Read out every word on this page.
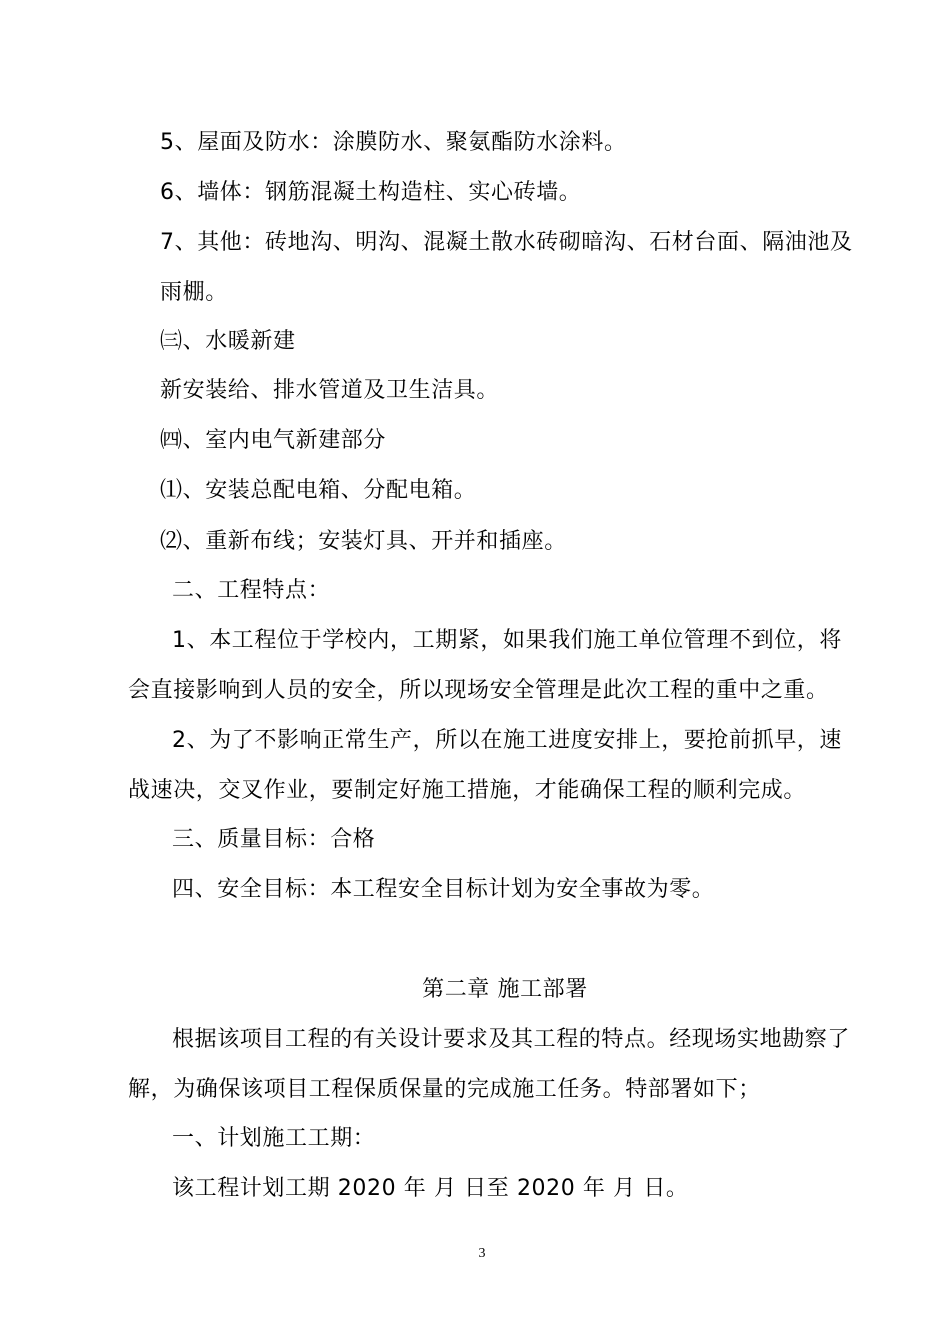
5、屋面及防水：涂膜防水、聚氨酯防水涂料。
6、墙体：钢筋混凝土构造柱、实心砖墙。
7、其他：砖地沟、明沟、混凝土散水砖砌暗沟、石材台面、隔油池及
雨棚。
㈢、水暖新建
新安装给、排水管道及卫生洁具。
㈣、室内电气新建部分
⑴、安装总配电箱、分配电箱。
⑵、重新布线；安装灯具、开并和插座。
二、工程特点：
1、本工程位于学校内，工期紧，如果我们施工单位管理不到位，将
会直接影响到人员的安全，所以现场安全管理是此次工程的重中之重。
2、为了不影响正常生产，所以在施工进度安排上，要抢前抓早，速
战速决，交叉作业，要制定好施工措施，才能确保工程的顺利完成。
三、质量目标：合格
四、安全目标：本工程安全目标计划为安全事故为零。
第二章 施工部署
根据该项目工程的有关设计要求及其工程的特点。经现场实地勘察了
解，为确保该项目工程保质保量的完成施工任务。特部署如下；
一、计划施工工期：
该工程计划工期 2020 年 月 日至 2020 年 月 日。
3
